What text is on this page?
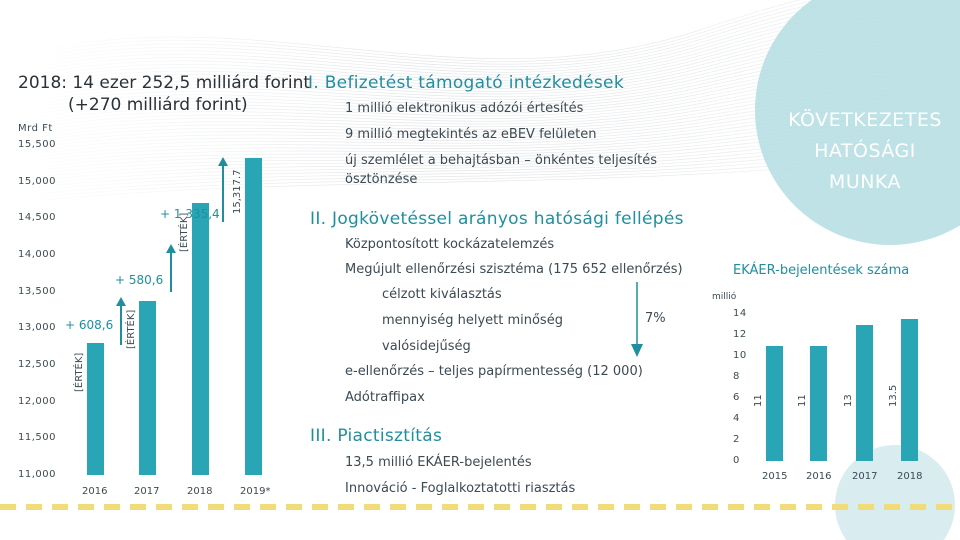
2018: 14 ezer 252,5 milliárd forint
(+270 milliárd forint)
Mrd Ft
15,500
15,000
14,500
14,000
13,500
13,000
12,500
12,000
11,500
11,000
[ÉRTÉK]
[ÉRTÉK]
[ÉRTÉK]
15,317.7
2016	2017	2018	2019*
+ 608,6
+ 580,6
+ 1 335,4
I. Befizetést támogató intézkedések
1 millió elektronikus adózói értesítés
9 millió megtekintés az eBEV felületen
új szemlélet a behajtásban – önkéntes teljesítés
ösztönzése
II. Jogkövetéssel arányos hatósági fellépés
Központosított kockázatelemzés
Megújult ellenőrzési szisztéma (175 652 ellenőrzés)
célzott kiválasztás
mennyiség helyett minőség
valósidejűség
7%
e-ellenőrzés – teljes papírmentesség (12 000)
Adótraffipax
III. Piactisztítás
13,5 millió EKÁER-bejelentés
Innováció - Foglalkoztatotti riasztás
KÖVETKEZETES
HATÓSÁGI
MUNKA
EKÁER-bejelentések száma
millió
14
12
10
8
6
4
2
0
11
2015
11
2016
13
2017
13.5
2018
